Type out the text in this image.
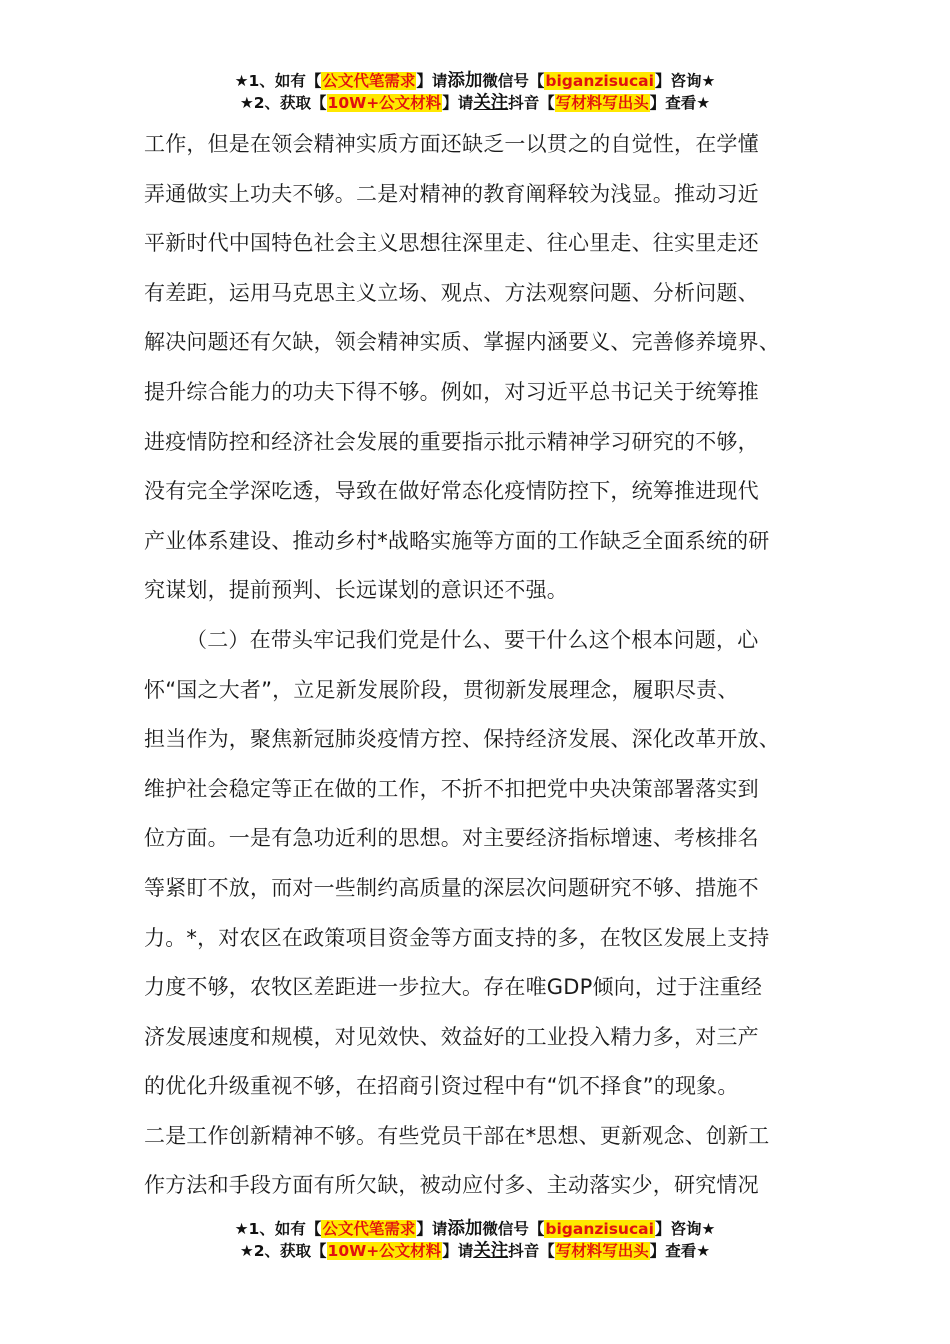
★1、如有【公文代笔需求】请添加微信号【biganzisucai】咨询★
★2、获取【10W+公文材料】请关注抖音【写材料写出头】查看★
工作，但是在领会精神实质方面还缺乏一以贯之的自觉性，在学懂
弄通做实上功夫不够。二是对精神的教育阐释较为浅显。推动习近
平新时代中国特色社会主义思想往深里走、往心里走、往实里走还
有差距，运用马克思主义立场、观点、方法观察问题、分析问题、
解决问题还有欠缺，领会精神实质、掌握内涵要义、完善修养境界、
提升综合能力的功夫下得不够。例如，对习近平总书记关于统筹推
进疫情防控和经济社会发展的重要指示批示精神学习研究的不够，
没有完全学深吃透，导致在做好常态化疫情防控下，统筹推进现代
产业体系建设、推动乡村*战略实施等方面的工作缺乏全面系统的研
究谋划，提前预判、长远谋划的意识还不强。
（二）在带头牢记我们党是什么、要干什么这个根本问题，心
怀“国之大者”，立足新发展阶段，贯彻新发展理念，履职尽责、
担当作为，聚焦新冠肺炎疫情方控、保持经济发展、深化改革开放、
维护社会稳定等正在做的工作，不折不扣把党中央决策部署落实到
位方面。一是有急功近利的思想。对主要经济指标增速、考核排名
等紧盯不放，而对一些制约高质量的深层次问题研究不够、措施不
力。*，对农区在政策项目资金等方面支持的多，在牧区发展上支持
力度不够，农牧区差距进一步拉大。存在唯GDP倾向，过于注重经
济发展速度和规模，对见效快、效益好的工业投入精力多，对三产
的优化升级重视不够，在招商引资过程中有“饥不择食”的现象。
二是工作创新精神不够。有些党员干部在*思想、更新观念、创新工
作方法和手段方面有所欠缺，被动应付多、主动落实少，研究情况
★1、如有【公文代笔需求】请添加微信号【biganzisucai】咨询★
★2、获取【10W+公文材料】请关注抖音【写材料写出头】查看★
